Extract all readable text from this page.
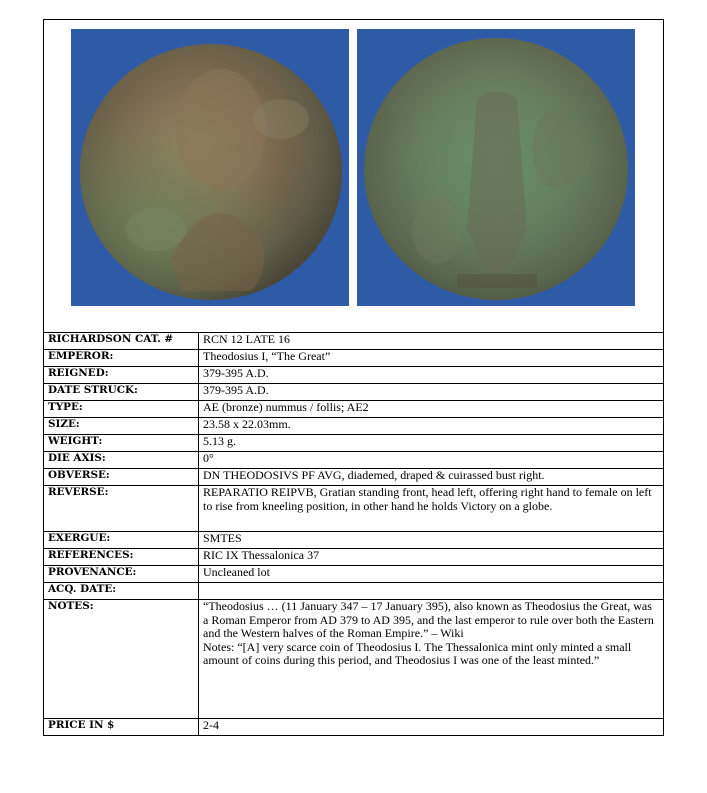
RICHARDSON CAT. #	RCN 12 LATE 16
EMPEROR:	Theodosius I, “The Great”
REIGNED:	379-395 A.D.
DATE STRUCK:	379-395 A.D.
TYPE:	AE (bronze) nummus / follis; AE2
SIZE:	23.58 x 22.03mm.
WEIGHT:	5.13 g.
DIE AXIS:	0°
OBVERSE:	DN THEODOSIVS PF AVG, diademed, draped & cuirassed bust right.
REVERSE:	REPARATIO REIPVB, Gratian standing front, head left, offering right hand to female on left to rise from kneeling position, in other hand he holds Victory on a globe.
EXERGUE:	SMTES
REFERENCES:	RIC IX Thessalonica 37
PROVENANCE:	Uncleaned lot
ACQ. DATE:	
NOTES:	“Theodosius … (11 January 347 – 17 January 395), also known as Theodosius the Great, was a Roman Emperor from AD 379 to AD 395, and the last emperor to rule over both the Eastern and the Western halves of the Roman Empire.” – Wiki
Notes: “[A] very scarce coin of Theodosius I. The Thessalonica mint only minted a small amount of coins during this period, and Theodosius I was one of the least minted.”

PRICE IN $	2-4
